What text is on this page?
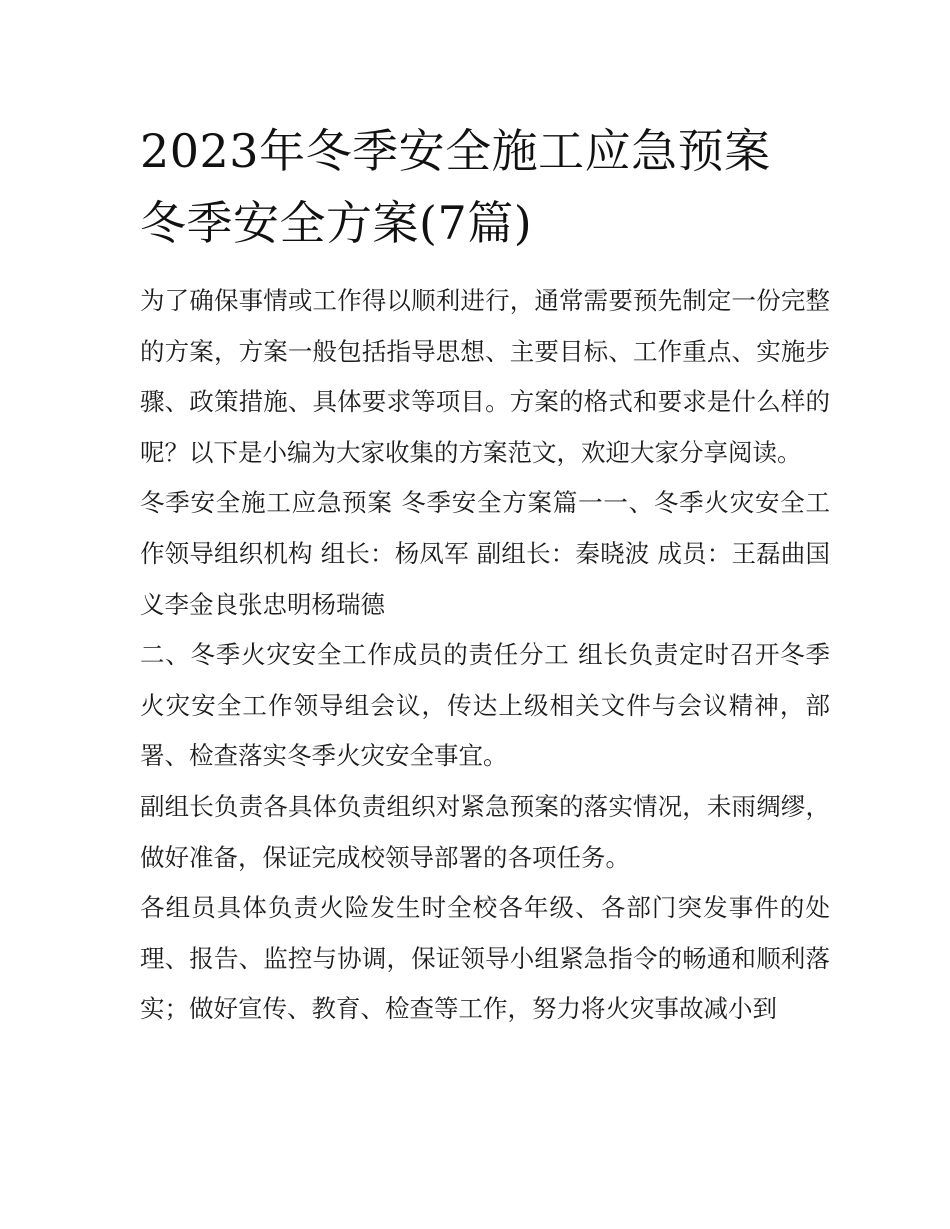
2023年冬季安全施工应急预案
冬季安全方案(7篇)

为了确保事情或工作得以顺利进行，通常需要预先制定一份完整的方案，方案一般包括指导思想、主要目标、工作重点、实施步骤、政策措施、具体要求等项目。方案的格式和要求是什么样的呢？以下是小编为大家收集的方案范文，欢迎大家分享阅读。

冬季安全施工应急预案 冬季安全方案篇一一、冬季火灾安全工作领导组织机构 组长：杨凤军 副组长：秦晓波 成员：王磊曲国义李金良张忠明杨瑞德

二、冬季火灾安全工作成员的责任分工 组长负责定时召开冬季火灾安全工作领导组会议，传达上级相关文件与会议精神，部署、检查落实冬季火灾安全事宜。

副组长负责各具体负责组织对紧急预案的落实情况，未雨绸缪，做好准备，保证完成校领导部署的各项任务。

各组员具体负责火险发生时全校各年级、各部门突发事件的处理、报告、监控与协调，保证领导小组紧急指令的畅通和顺利落实；做好宣传、教育、检查等工作，努力将火灾事故减小到
